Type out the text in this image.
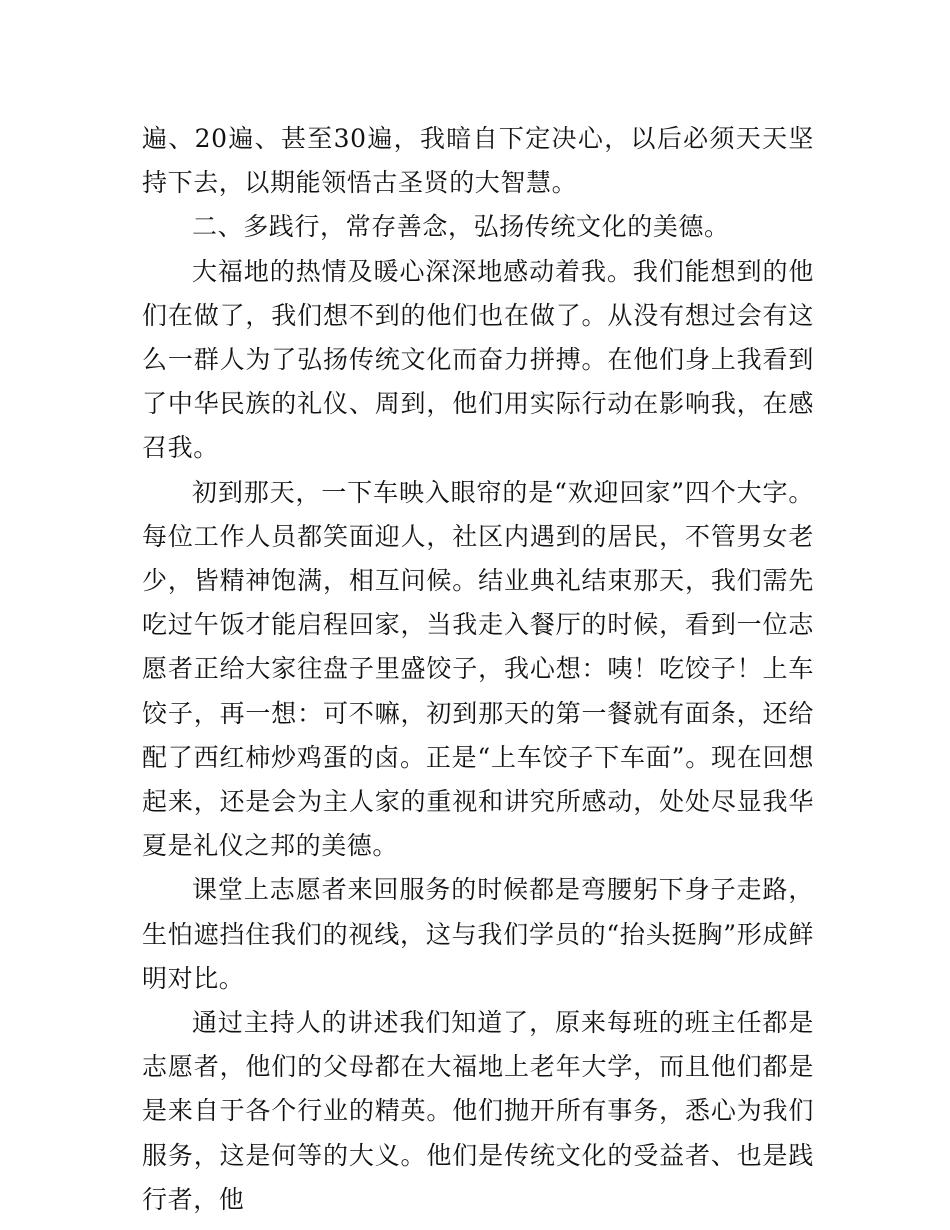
遍、20遍、甚至30遍，我暗自下定决心，以后必须天天坚持下去，以期能领悟古圣贤的大智慧。

二、多践行，常存善念，弘扬传统文化的美德。

大福地的热情及暖心深深地感动着我。我们能想到的他们在做了，我们想不到的他们也在做了。从没有想过会有这么一群人为了弘扬传统文化而奋力拼搏。在他们身上我看到了中华民族的礼仪、周到，他们用实际行动在影响我，在感召我。

初到那天，一下车映入眼帘的是“欢迎回家”四个大字。每位工作人员都笑面迎人，社区内遇到的居民，不管男女老少，皆精神饱满，相互问候。结业典礼结束那天，我们需先吃过午饭才能启程回家，当我走入餐厅的时候，看到一位志愿者正给大家往盘子里盛饺子，我心想：咦！吃饺子！上车饺子，再一想：可不嘛，初到那天的第一餐就有面条，还给配了西红柿炒鸡蛋的卤。正是“上车饺子下车面”。现在回想起来，还是会为主人家的重视和讲究所感动，处处尽显我华夏是礼仪之邦的美德。

课堂上志愿者来回服务的时候都是弯腰躬下身子走路，生怕遮挡住我们的视线，这与我们学员的“抬头挺胸”形成鲜明对比。

通过主持人的讲述我们知道了，原来每班的班主任都是志愿者，他们的父母都在大福地上老年大学，而且他们都是是来自于各个行业的精英。他们抛开所有事务，悉心为我们服务，这是何等的大义。他们是传统文化的受益者、也是践行者，他
